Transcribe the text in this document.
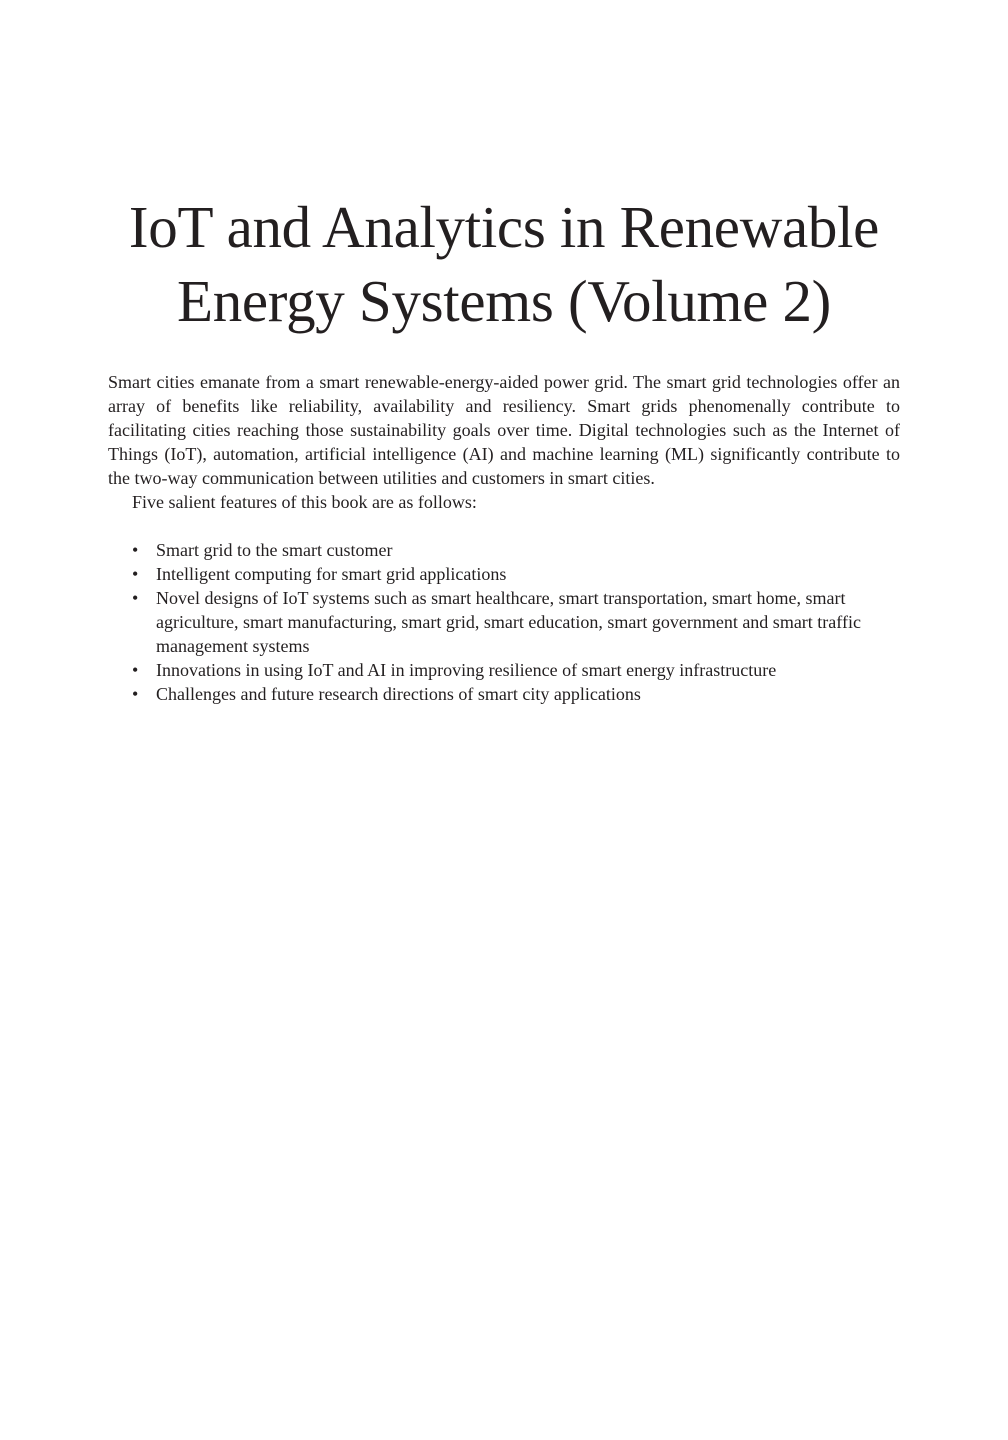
IoT and Analytics in Renewable
Energy Systems (Volume 2)

Smart cities emanate from a smart renewable-energy-aided power grid. The smart grid technologies offer an array of benefits like reliability, availability and resiliency. Smart grids phenomenally contribute to facilitating cities reaching those sustainability goals over time. Digital technologies such as the Internet of Things (IoT), automation, artificial intelligence (AI) and machine learning (ML) significantly contribute to the two-way communication between utilities and customers in smart cities.

Five salient features of this book are as follows:

• Smart grid to the smart customer
• Intelligent computing for smart grid applications
• Novel designs of IoT systems such as smart healthcare, smart transportation, smart home, smart agriculture, smart manufacturing, smart grid, smart education, smart government and smart traffic management systems
• Innovations in using IoT and AI in improving resilience of smart energy infrastructure
• Challenges and future research directions of smart city applications
